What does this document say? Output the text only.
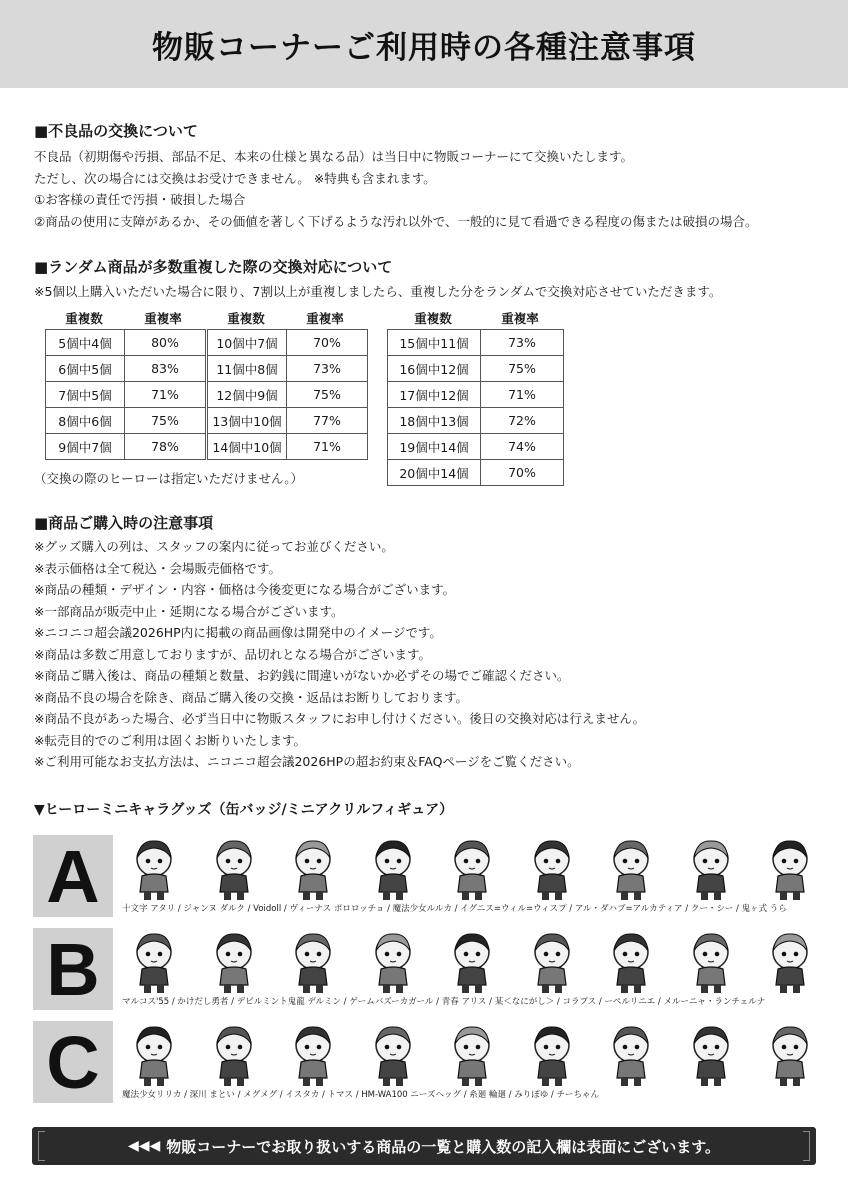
物販コーナーご利用時の各種注意事項

■不良品の交換について

不良品（初期傷や汚損、部品不足、本来の仕様と異なる品）は当日中に物販コーナーにて交換いたします。
ただし、次の場合には交換はお受けできません。 ※特典も含まれます。
①お客様の責任で汚損・破損した場合
②商品の使用に支障があるか、その価値を著しく下げるような汚れ以外で、一般的に見て看過できる程度の傷または破損の場合。

■ランダム商品が多数重複した際の交換対応について

※5個以上購入いただいた場合に限り、7割以上が重複しましたら、重複した分をランダムで交換対応させていただきます。
重複数	重複率
5個中4個	80%
6個中5個	83%
7個中5個	71%
8個中6個	75%
9個中7個	78%
重複数	重複率
10個中7個	70%
11個中8個	73%
12個中9個	75%
13個中10個	77%
14個中10個	71%
重複数	重複率
15個中11個	73%
16個中12個	75%
17個中12個	71%
18個中13個	72%
19個中14個	74%
20個中14個	70%
（交換の際のヒーローは指定いただけません。）

■商品ご購入時の注意事項

※グッズ購入の列は、スタッフの案内に従ってお並びください。
※表示価格は全て税込・会場販売価格です。
※商品の種類・デザイン・内容・価格は今後変更になる場合がございます。
※一部商品が販売中止・延期になる場合がございます。
※ニコニコ超会議2026HP内に掲載の商品画像は開発中のイメージです。
※商品は多数ご用意しておりますが、品切れとなる場合がございます。
※商品ご購入後は、商品の種類と数量、お釣銭に間違いがないか必ずその場でご確認ください。
※商品不良の場合を除き、商品ご購入後の交換・返品はお断りしております。
※商品不良があった場合、必ず当日中に物販スタッフにお申し付けください。後日の交換対応は行えません。
※転売目的でのご利用は固くお断りいたします。
※ご利用可能なお支払方法は、ニコニコ超会議2026HPの超お約束＆FAQページをご覧ください。
▼ヒーローミニキャラグッズ（缶バッジ/ミニアクリルフィギュア）
A	十文字 アタリ / ジャンヌ ダルク / Voidoll / ヴィーナス ポロロッチョ / 魔法少女ルルカ / イグニス=ウィル=ウィスプ / アル・ダハブ=アルカティア / クー・シー / 鬼ヶ式 うら
B	マルコス'55 / かけだし勇者 / デビルミント鬼龍 デルミン / ゲームバズーカガール / 青春 アリス / 某＜なにがし＞ / コラプス / ーペルリニエ / メルーニャ・ランチェルナ
C	魔法少女リリカ / 深川 まとい / メグメグ / イスタカ / トマス / HM-WA100 ニーズヘッグ / 糸廻 輪廻 / みりぽゆ / チーちゃん
◀◀◀ 物販コーナーでお取り扱いする商品の一覧と購入数の記入欄は表面にございます。
